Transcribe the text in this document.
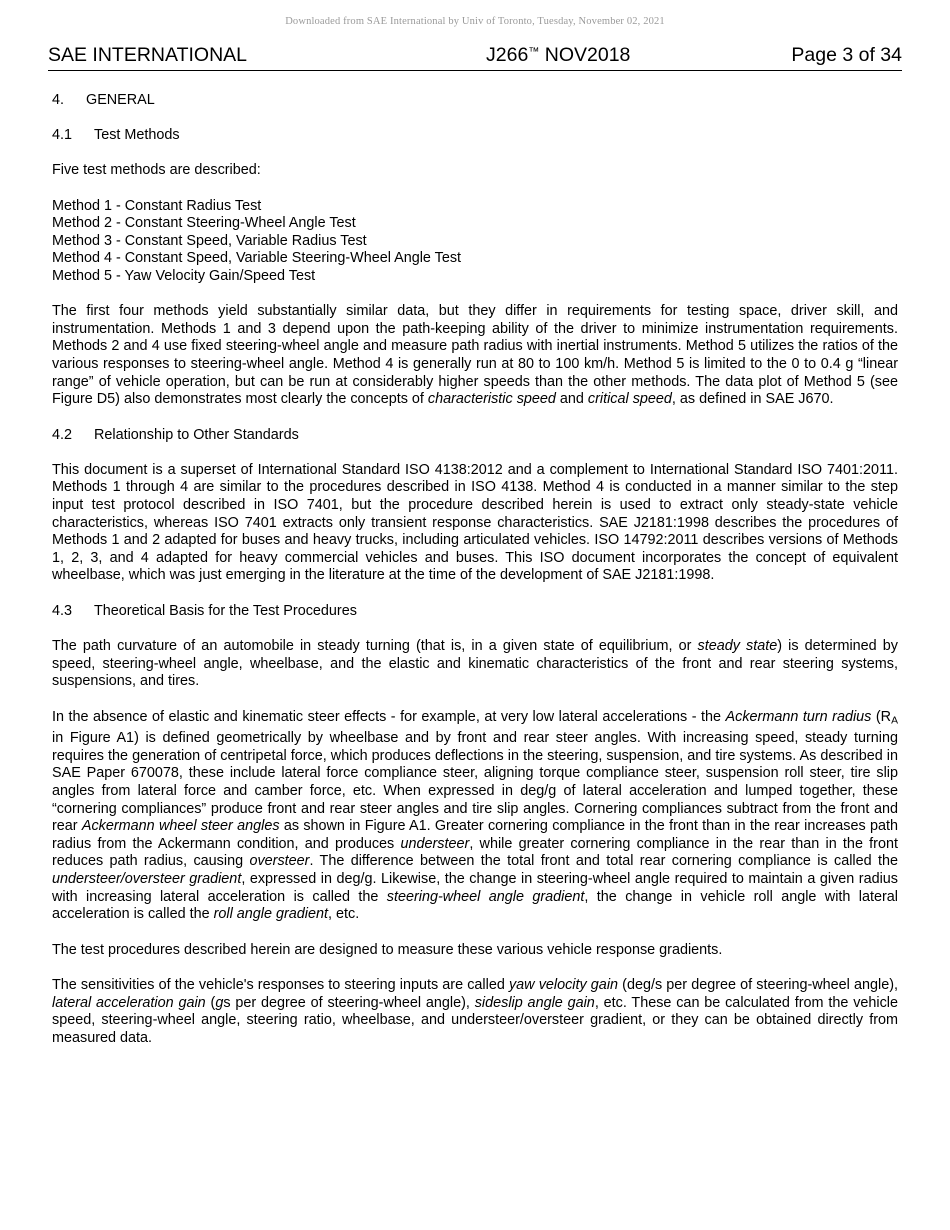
Downloaded from SAE International by Univ of Toronto, Tuesday, November 02, 2021
SAE INTERNATIONAL	J266™ NOV2018	Page 3 of 34

4. GENERAL

4.1 Test Methods

Five test methods are described:

Method 1 - Constant Radius Test
Method 2 - Constant Steering-Wheel Angle Test
Method 3 - Constant Speed, Variable Radius Test
Method 4 - Constant Speed, Variable Steering-Wheel Angle Test
Method 5 - Yaw Velocity Gain/Speed Test

The first four methods yield substantially similar data, but they differ in requirements for testing space, driver skill, and instrumentation. Methods 1 and 3 depend upon the path-keeping ability of the driver to minimize instrumentation requirements. Methods 2 and 4 use fixed steering-wheel angle and measure path radius with inertial instruments. Method 5 utilizes the ratios of the various responses to steering-wheel angle. Method 4 is generally run at 80 to 100 km/h. Method 5 is limited to the 0 to 0.4 g “linear range” of vehicle operation, but can be run at considerably higher speeds than the other methods. The data plot of Method 5 (see Figure D5) also demonstrates most clearly the concepts of characteristic speed and critical speed, as defined in SAE J670.

4.2 Relationship to Other Standards

This document is a superset of International Standard ISO 4138:2012 and a complement to International Standard ISO 7401:2011. Methods 1 through 4 are similar to the procedures described in ISO 4138. Method 4 is conducted in a manner similar to the step input test protocol described in ISO 7401, but the procedure described herein is used to extract only steady-state vehicle characteristics, whereas ISO 7401 extracts only transient response characteristics. SAE J2181:1998 describes the procedures of Methods 1 and 2 adapted for buses and heavy trucks, including articulated vehicles. ISO 14792:2011 describes versions of Methods 1, 2, 3, and 4 adapted for heavy commercial vehicles and buses. This ISO document incorporates the concept of equivalent wheelbase, which was just emerging in the literature at the time of the development of SAE J2181:1998.

4.3 Theoretical Basis for the Test Procedures

The path curvature of an automobile in steady turning (that is, in a given state of equilibrium, or steady state) is determined by speed, steering-wheel angle, wheelbase, and the elastic and kinematic characteristics of the front and rear steering systems, suspensions, and tires.

In the absence of elastic and kinematic steer effects - for example, at very low lateral accelerations - the Ackermann turn radius ($R_A$ in Figure A1) is defined geometrically by wheelbase and by front and rear steer angles. With increasing speed, steady turning requires the generation of centripetal force, which produces deflections in the steering, suspension, and tire systems. As described in SAE Paper 670078, these include lateral force compliance steer, aligning torque compliance steer, suspension roll steer, tire slip angles from lateral force and camber force, etc. When expressed in deg/g of lateral acceleration and lumped together, these “cornering compliances” produce front and rear steer angles and tire slip angles. Cornering compliances subtract from the front and rear Ackermann wheel steer angles as shown in Figure A1. Greater cornering compliance in the front than in the rear increases path radius from the Ackermann condition, and produces understeer, while greater cornering compliance in the rear than in the front reduces path radius, causing oversteer. The difference between the total front and total rear cornering compliance is called the understeer/oversteer gradient, expressed in deg/g. Likewise, the change in steering-wheel angle required to maintain a given radius with increasing lateral acceleration is called the steering-wheel angle gradient, the change in vehicle roll angle with lateral acceleration is called the roll angle gradient, etc.

The test procedures described herein are designed to measure these various vehicle response gradients.

The sensitivities of the vehicle's responses to steering inputs are called yaw velocity gain (deg/s per degree of steering-wheel angle), lateral acceleration gain (gs per degree of steering-wheel angle), sideslip angle gain, etc. These can be calculated from the vehicle speed, steering-wheel angle, steering ratio, wheelbase, and understeer/oversteer gradient, or they can be obtained directly from measured data.
